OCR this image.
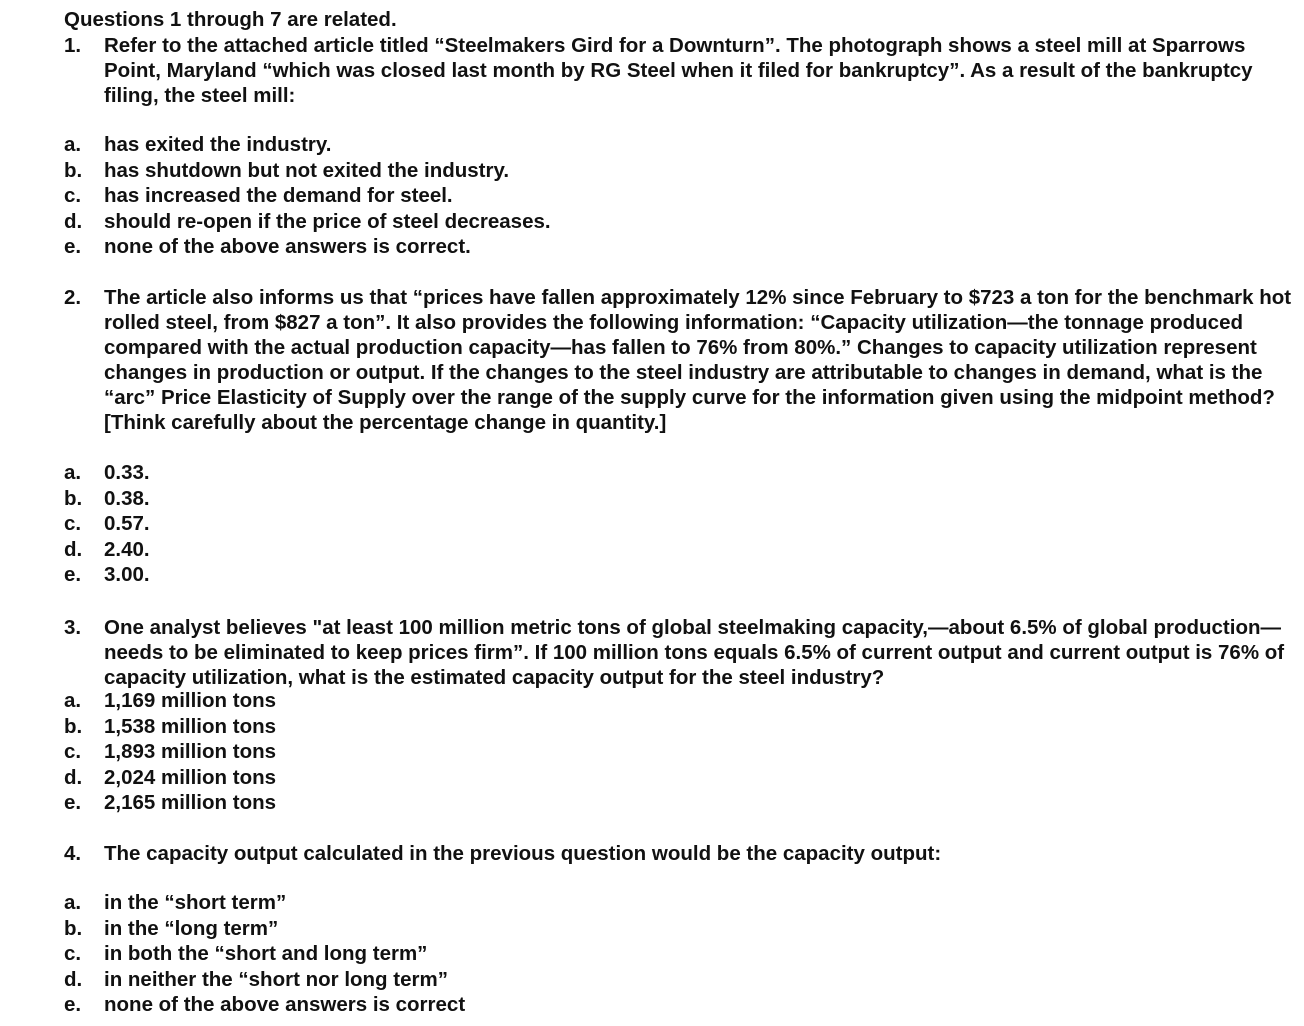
Questions 1 through 7 are related.
1. Refer to the attached article titled “Steelmakers Gird for a Downturn”. The photograph shows a steel mill at Sparrows Point, Maryland “which was closed last month by RG Steel when it filed for bankruptcy”. As a result of the bankruptcy filing, the steel mill:
a. has exited the industry.
b. has shutdown but not exited the industry.
c. has increased the demand for steel.
d. should re-open if the price of steel decreases.
e. none of the above answers is correct.
2. The article also informs us that “prices have fallen approximately 12% since February to $723 a ton for the benchmark hot rolled steel, from $827 a ton”. It also provides the following information: “Capacity utilization—the tonnage produced compared with the actual production capacity—has fallen to 76% from 80%.” Changes to capacity utilization represent changes in production or output. If the changes to the steel industry are attributable to changes in demand, what is the “arc” Price Elasticity of Supply over the range of the supply curve for the information given using the midpoint method? [Think carefully about the percentage change in quantity.]
a. 0.33.
b. 0.38.
c. 0.57.
d. 2.40.
e. 3.00.
3. One analyst believes "at least 100 million metric tons of global steelmaking capacity,—about 6.5% of global production— needs to be eliminated to keep prices firm”. If 100 million tons equals 6.5% of current output and current output is 76% of capacity utilization, what is the estimated capacity output for the steel industry?
a. 1,169 million tons
b. 1,538 million tons
c. 1,893 million tons
d. 2,024 million tons
e. 2,165 million tons
4. The capacity output calculated in the previous question would be the capacity output:
a. in the “short term”
b. in the “long term”
c. in both the “short and long term”
d. in neither the “short nor long term”
e. none of the above answers is correct
